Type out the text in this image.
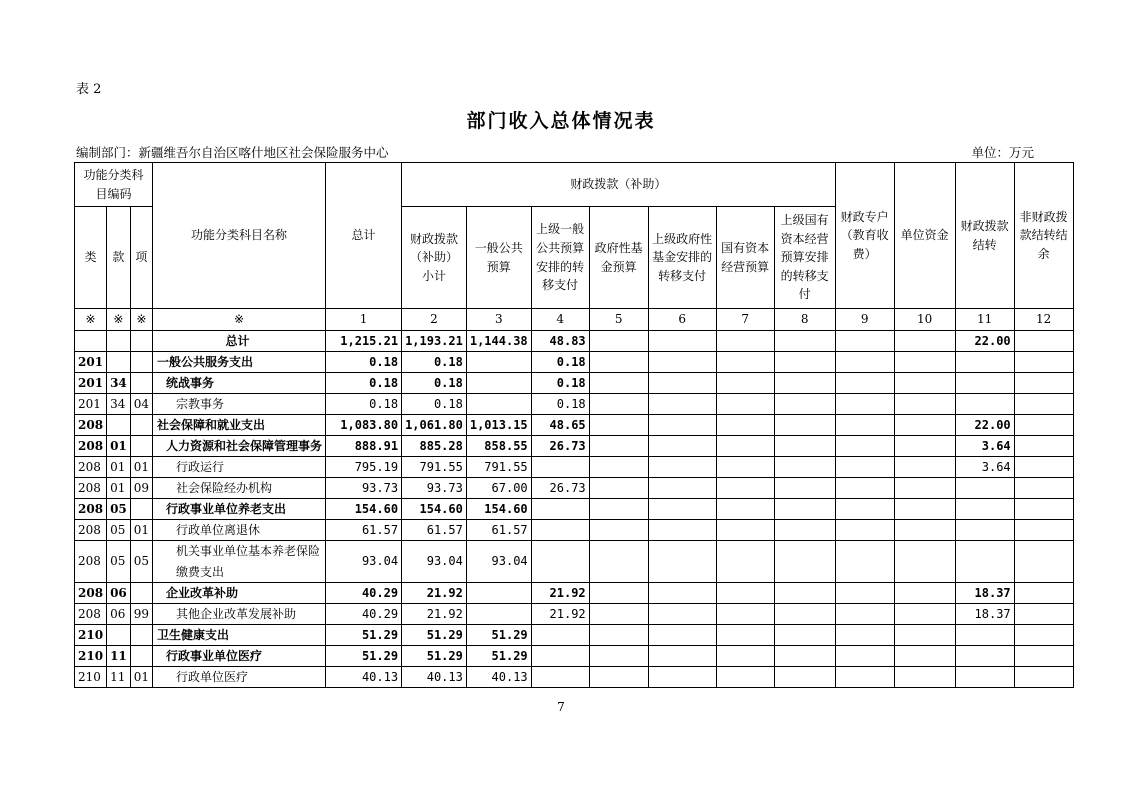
表 2
部门收入总体情况表
编制部门：新疆维吾尔自治区喀什地区社会保险服务中心	单位：万元
功能分类科目编码			功能分类科目名称	总计	财政拨款（补助）							财政专户（教育收费）	单位资金	财政拨款结转	非财政拨款结转结余
类	款	项			财政拨款（补助）小计	一般公共预算	上级一般公共预算安排的转移支付	政府性基金预算	上级政府性基金安排的转移支付	国有资本经营预算	上级国有资本经营预算安排的转移支付				
※	※	※	※	1	2	3	4	5	6	7	8	9	10	11	12
			总计	1,215.21	1,193.21	1,144.38	48.83							22.00	
201			一般公共服务支出	0.18	0.18		0.18								
201	34		统战事务	0.18	0.18		0.18								
201	34	04	宗教事务	0.18	0.18		0.18								
208			社会保障和就业支出	1,083.80	1,061.80	1,013.15	48.65							22.00	
208	01		人力资源和社会保障管理事务	888.91	885.28	858.55	26.73							3.64	
208	01	01	行政运行	795.19	791.55	791.55								3.64	
208	01	09	社会保险经办机构	93.73	93.73	67.00	26.73								
208	05		行政事业单位养老支出	154.60	154.60	154.60									
208	05	01	行政单位离退休	61.57	61.57	61.57									
208	05	05	机关事业单位基本养老保险缴费支出	93.04	93.04	93.04									
208	06		企业改革补助	40.29	21.92		21.92							18.37	
208	06	99	其他企业改革发展补助	40.29	21.92		21.92							18.37	
210			卫生健康支出	51.29	51.29	51.29									
210	11		行政事业单位医疗	51.29	51.29	51.29									
210	11	01	行政单位医疗	40.13	40.13	40.13									
7
